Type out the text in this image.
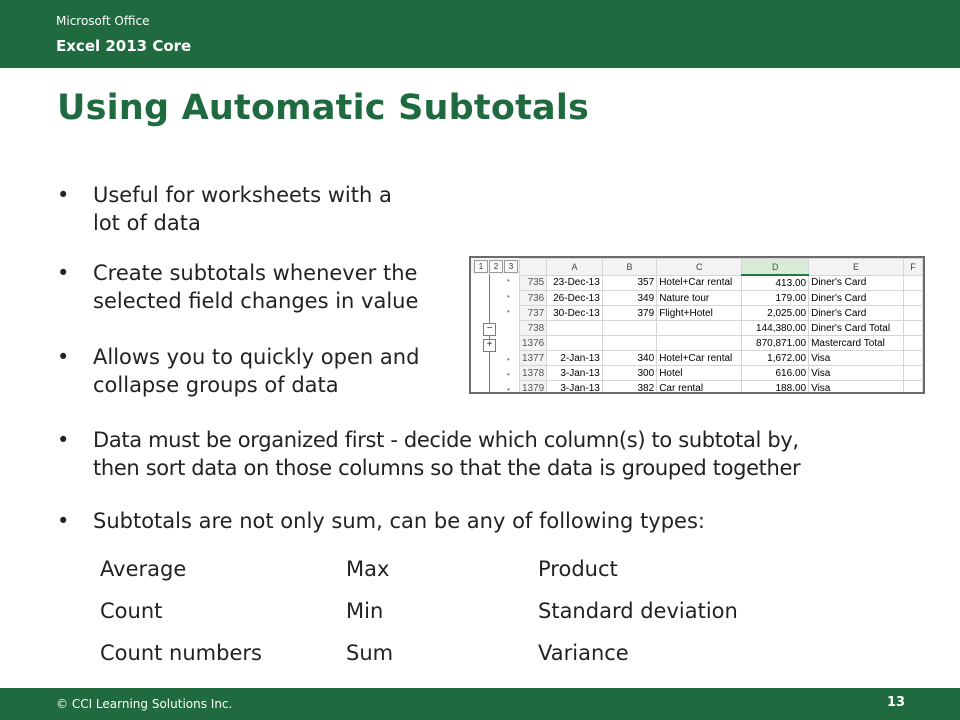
Microsoft Office
Excel 2013 Core
Using Automatic Subtotals
• Useful for worksheets with a
lot of data
• Create subtotals whenever the
selected field changes in value
• Allows you to quickly open and
collapse groups of data
• Data must be organized first - decide which column(s) to subtotal by,
then sort data on those columns so that the data is grouped together
• Subtotals are not only sum, can be any of following types:
Average	Max	Product
Count	Min	Standard deviation
Count numbers	Sum	Variance
1	2	3
•
•
•
−
+
•
•
•
	A	B	C	D	E	F
735	23-Dec-13	357	Hotel+Car rental	413.00	Diner's Card	
736	26-Dec-13	349	Nature tour	179.00	Diner's Card	
737	30-Dec-13	379	Flight+Hotel	2,025.00	Diner's Card	
738				144,380.00	Diner's Card Total	
1376				870,871.00	Mastercard Total	
1377	2-Jan-13	340	Hotel+Car rental	1,672.00	Visa	
1378	3-Jan-13	300	Hotel	616.00	Visa	
1379	3-Jan-13	382	Car rental	188.00	Visa	
© CCI Learning Solutions Inc.	13
